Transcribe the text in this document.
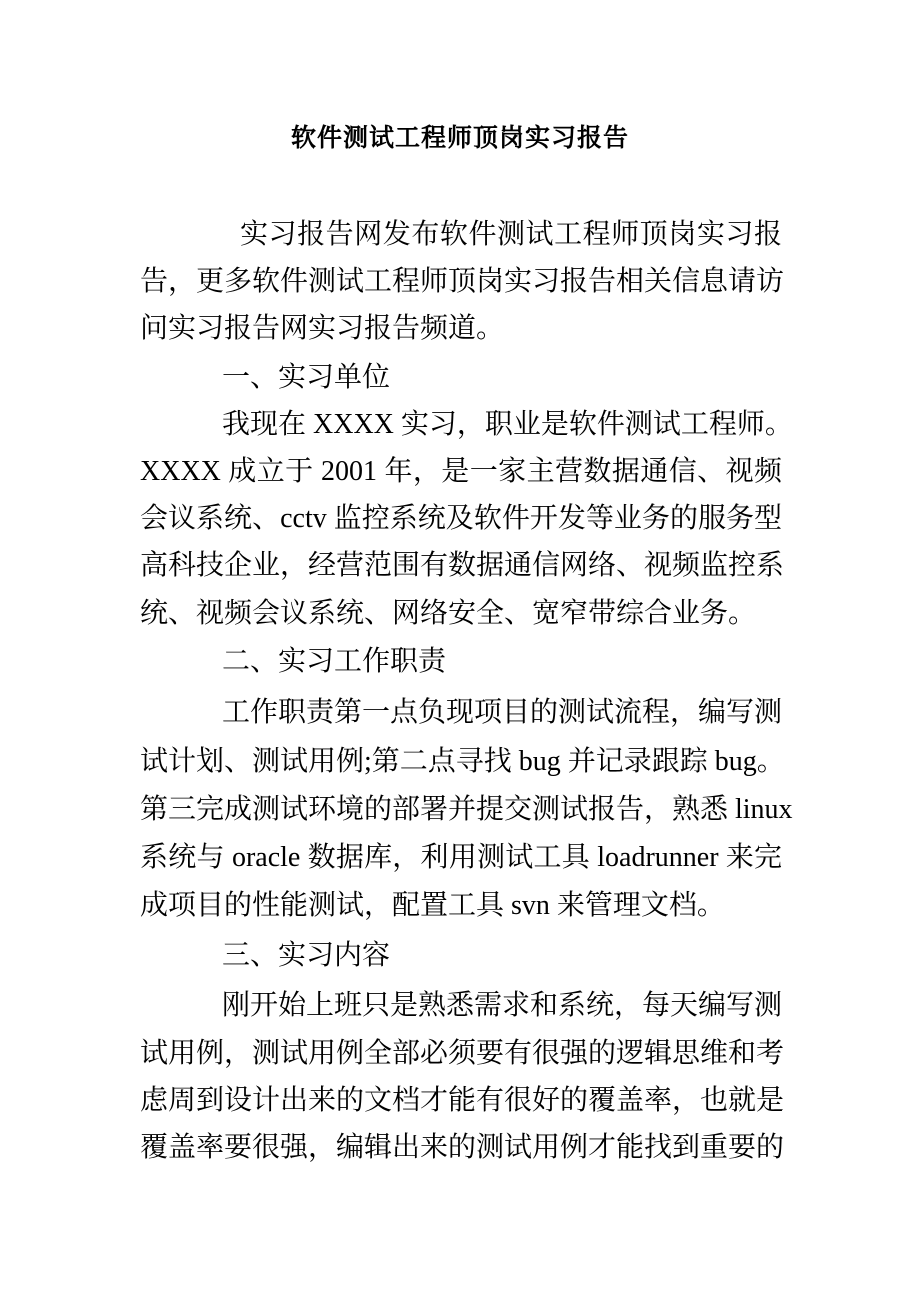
软件测试工程师顶岗实习报告
实习报告网发布软件测试工程师顶岗实习报
告，更多软件测试工程师顶岗实习报告相关信息请访
问实习报告网实习报告频道。
一、实习单位
我现在 XXXX 实习，职业是软件测试工程师。
XXXX 成立于 2001 年，是一家主营数据通信、视频
会议系统、cctv 监控系统及软件开发等业务的服务型
高科技企业，经营范围有数据通信网络、视频监控系
统、视频会议系统、网络安全、宽窄带综合业务。
二、实习工作职责
工作职责第一点负现项目的测试流程，编写测
试计划、测试用例;第二点寻找 bug 并记录跟踪 bug。
第三完成测试环境的部署并提交测试报告，熟悉 linux
系统与 oracle 数据库，利用测试工具 loadrunner 来完
成项目的性能测试，配置工具 svn 来管理文档。
三、实习内容
刚开始上班只是熟悉需求和系统，每天编写测
试用例，测试用例全部必须要有很强的逻辑思维和考
虑周到设计出来的文档才能有很好的覆盖率，也就是
覆盖率要很强，编辑出来的测试用例才能找到重要的
